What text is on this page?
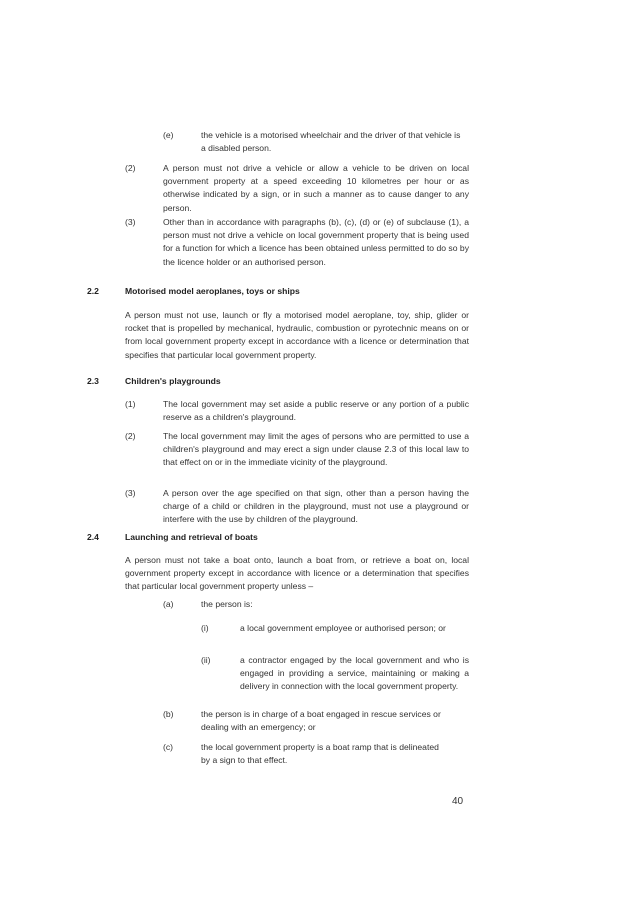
(e)	the vehicle is a motorised wheelchair and the driver of that vehicle is a disabled person.

(2)	A person must not drive a vehicle or allow a vehicle to be driven on local government property at a speed exceeding 10 kilometres per hour or as otherwise indicated by a sign, or in such a manner as to cause danger to any person.

(3)	Other than in accordance with paragraphs (b), (c), (d) or (e) of subclause (1), a person must not drive a vehicle on local government property that is being used for a function for which a licence has been obtained unless permitted to do so by the licence holder or an authorised person.

2.2	Motorised model aeroplanes, toys or ships

A person must not use, launch or fly a motorised model aeroplane, toy, ship, glider or rocket that is propelled by mechanical, hydraulic, combustion or pyrotechnic means on or from local government property except in accordance with a licence or determination that specifies that particular local government property.

2.3	Children's playgrounds

(1)	The local government may set aside a public reserve or any portion of a public reserve as a children's playground.

(2)	The local government may limit the ages of persons who are permitted to use a children's playground and may erect a sign under clause 2.3 of this local law to that effect on or in the immediate vicinity of the playground.

(3)	A person over the age specified on that sign, other than a person having the charge of a child or children in the playground, must not use a playground or interfere with the use by children of the playground.

2.4	Launching and retrieval of boats

A person must not take a boat onto, launch a boat from, or retrieve a boat on, local government property except in accordance with licence or a determination that specifies that particular local government property unless –

(a)	the person is:

(i)	a local government employee or authorised person; or

(ii)	a contractor engaged by the local government and who is engaged in providing a service, maintaining or making a delivery in connection with the local government property.

(b)	the person is in charge of a boat engaged in rescue services or dealing with an emergency; or

(c)	the local government property is a boat ramp that is delineated by a sign to that effect.

40
